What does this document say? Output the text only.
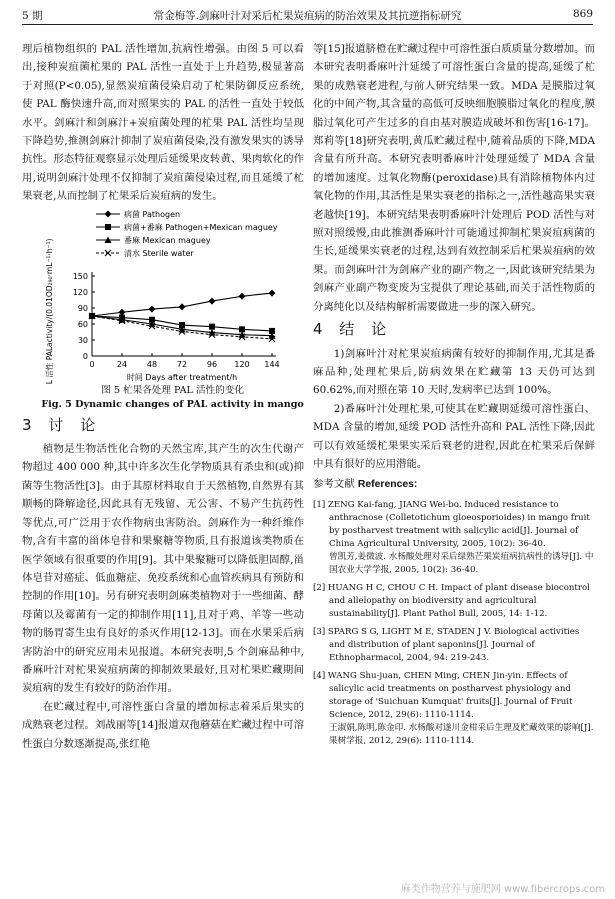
5 期	常金梅等.剑麻叶汁对采后杧果炭疽病的防治效果及其抗逆指标研究	869

理后植物组织的 PAL 活性增加,抗病性增强。由图 5 可以看出,接种炭疽菌杧果的 PAL 活性一直处于上升趋势,极显著高于对照(P<0.05),显然炭疽菌侵染启动了杧果防御反应系统,使 PAL 酶快速升高,而对照果实的 PAL 的活性一直处于较低水平。剑麻汁和剑麻汁+炭疽菌处理的杧果 PAL 活性均呈现下降趋势,推测剑麻汁抑制了炭疽菌侵染,没有激发果实的诱导抗性。形态特征观察显示处理后延缓果皮转黄、果肉软化的作用,说明剑麻汁处理不仅抑制了炭疽菌侵染过程,而且延缓了杧果衰老,从而控制了杧果采后炭疽病的发生。

0
30
60
90
120
150
0	24 48 72 96 120 144
时间 Days after treatment/h
PAL 活性 PALactivity/(0.01OD₂₉₀·mL⁻¹·h⁻¹)
病菌 Pathogen
病菌+番麻 Pathogen+Mexican maguey
番麻 Mexican maguey
清水 Sterile water

图 5 杧果各处理 PAL 活性的变化

Fig. 5 Dynamic changes of PAL activity in mango

3 讨 论

植物是生物活性化合物的天然宝库,其产生的次生代谢产物超过 400 000 种,其中许多次生化学物质具有杀虫和(或)抑菌等生物活性[3]。由于其原材料取自于天然植物,自然界有其顺畅的降解途径,因此具有无残留、无公害、不易产生抗药性等优点,可广泛用于农作物病虫害防治。剑麻作为一种纤维作物,含有丰富的甾体皂苷和果聚糖等物质,且有报道该类物质在医学领域有很重要的作用[9]。其中果聚糖可以降低胆固醇,甾体皂苷对癌症、低血糖症、免疫系统和心血管疾病具有预防和控制的作用[10]。另有研究表明剑麻类植物对于一些细菌、酵母菌以及霉菌有一定的抑制作用[11],且对于鸡、羊等一些动物的肠胃寄生虫有良好的杀灭作用[12-13]。而在水果采后病害防治中的研究应用未见报道。本研究表明,5 个剑麻品种中,番麻叶汁对杧果炭疽病菌的抑制效果最好,且对杧果贮藏期间炭疽病的发生有较好的防治作用。

在贮藏过程中,可溶性蛋白含量的增加标志着采后果实的成熟衰老过程。刘战丽等[14]报道双孢蘑菇在贮藏过程中可溶性蛋白分数逐渐提高,张红艳

等[15]报道脐橙在贮藏过程中可溶性蛋白质质量分数增加。而本研究表明番麻叶汁延缓了可溶性蛋白含量的提高,延缓了杧果的成熟衰老进程,与前人研究结果一致。MDA 是膜脂过氧化的中间产物,其含量的高低可反映细胞膜脂过氧化的程度,膜脂过氧化可产生过多的自由基对膜造成破坏和伤害[16-17]。郑莉等[18]研究表明,黄瓜贮藏过程中,随着品质的下降,MDA 含量有所升高。本研究表明番麻叶汁处理延缓了 MDA 含量的增加速度。过氧化物酶(peroxidase)具有消除植物体内过氧化物的作用,其活性是果实衰老的指标之一,活性越高果实衰老越快[19]。本研究结果表明番麻叶汁处理后 POD 活性与对照对照缓慢,由此推测番麻叶汁可能通过抑制杧果炭疽病菌的生长,延缓果实衰老的过程,达到有效控制采后杧果炭疽病的效果。而剑麻叶汁为剑麻产业的副产物之一,因此该研究结果为剑麻产业副产物变废为宝提供了理论基础,而关于活性物质的分离纯化以及结构解析需要做进一步的深入研究。

4 结 论

1)剑麻叶汁对杧果炭疽病菌有较好的抑制作用,尤其是番麻品种,处理杧果后,防病效果在贮藏第 13 天仍可达到 60.62%,而对照在第 10 天时,发病率已达到 100%。

2)番麻叶汁处理杧果,可使其在贮藏期延缓可溶性蛋白、MDA 含量的增加,延缓 POD 活性升高和 PAL 活性下降,因此可以有效延缓杧果果实采后衰老的进程,因此在杧果采后保鲜中具有很好的应用潜能。

参考文献 References:
[1] ZENG Kai-fang, JIANG Wei-bo. Induced resistance to anthracnose (Colletotichum gloeosporioides) in mango fruit by postharvest treatment with salicylic acid[J]. Journal of China Agricultural University, 2005, 10(2): 36-40.
曾凯芳,姜微波. 水杨酸处理对采后绿熟芒果炭疽病抗病性的诱导[J]. 中国农业大学学报, 2005, 10(2): 36-40.
[2] HUANG H C, CHOU C H. Impact of plant disease biocontrol and allelopathy on biodiversity and agricultural sustainability[J]. Plant Pathol Bull, 2005, 14: 1-12.
[3] SPARG S G, LIGHT M E, STADEN J V. Biological activities and distribution of plant saponins[J]. Journal of Ethnopharmacol, 2004, 94: 219-243.
[4] WANG Shu-juan, CHEN Ming, CHEN Jin-yin. Effects of salicylic acid treatments on postharvest physiology and storage of 'Suichuan Kumquat' fruits[J]. Journal of Fruit Science, 2012, 29(6): 1110-1114.
王淑娟,陈明,陈金印. 水杨酸对遂川金柑采后生理及贮藏效果的影响[J]. 果树学报, 2012, 29(6): 1110-1114.
麻类作物营养与施肥网 www.fibercrops.com
